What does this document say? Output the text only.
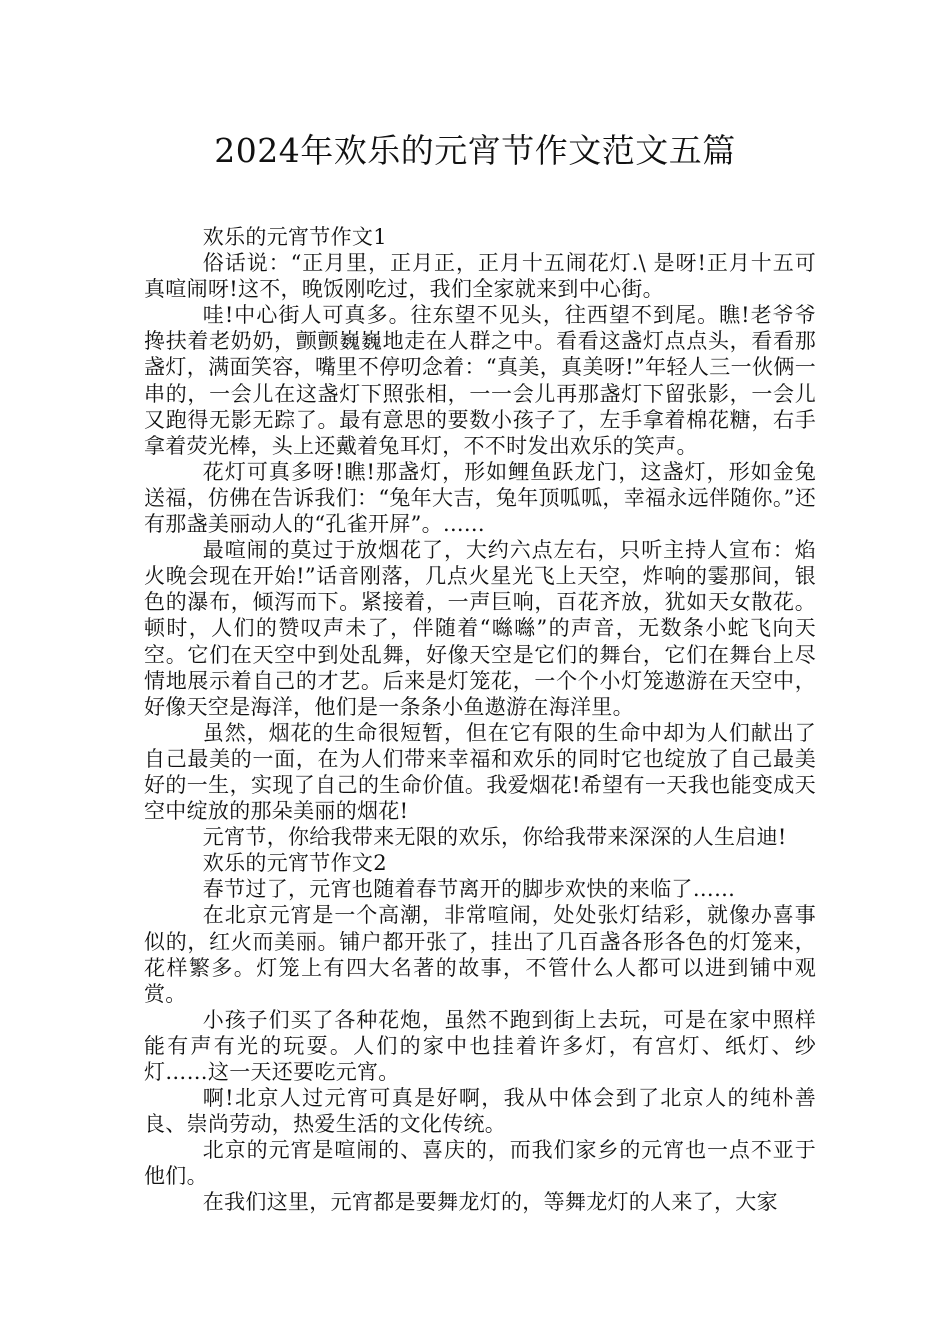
2024年欢乐的元宵节作文范文五篇

欢乐的元宵节作文1

俗话说：“正月里，正月正，正月十五闹花灯.\ 是呀!正月十五可真喧闹呀!这不，晚饭刚吃过，我们全家就来到中心街。

哇!中心街人可真多。往东望不见头，往西望不到尾。瞧!老爷爷搀扶着老奶奶，颤颤巍巍地走在人群之中。看看这盏灯点点头，看看那盏灯，满面笑容，嘴里不停叨念着：“真美，真美呀!”年轻人三一伙俩一串的，一会儿在这盏灯下照张相，一一会儿再那盏灯下留张影，一会儿又跑得无影无踪了。最有意思的要数小孩子了，左手拿着棉花糖，右手拿着荧光棒，头上还戴着兔耳灯，不不时发出欢乐的笑声。

花灯可真多呀!瞧!那盏灯，形如鲤鱼跃龙门，这盏灯，形如金兔送福，仿佛在告诉我们：“兔年大吉，兔年顶呱呱，幸福永远伴随你。”还有那盏美丽动人的“孔雀开屏”。......

最喧闹的莫过于放烟花了，大约六点左右，只听主持人宣布：焰火晚会现在开始!”话音刚落，几点火星光飞上天空，炸响的霎那间，银色的瀑布，倾泻而下。紧接着，一声巨响，百花齐放，犹如天女散花。顿时，人们的赞叹声未了，伴随着“噝噝”的声音，无数条小蛇飞向天空。它们在天空中到处乱舞，好像天空是它们的舞台，它们在舞台上尽情地展示着自己的才艺。后来是灯笼花，一个个小灯笼遨游在天空中，好像天空是海洋，他们是一条条小鱼遨游在海洋里。

虽然，烟花的生命很短暂，但在它有限的生命中却为人们献出了自己最美的一面，在为人们带来幸福和欢乐的同时它也绽放了自己最美好的一生，实现了自己的生命价值。我爱烟花!希望有一天我也能变成天空中绽放的那朵美丽的烟花!

元宵节，你给我带来无限的欢乐，你给我带来深深的人生启迪!

欢乐的元宵节作文2

春节过了，元宵也随着春节离开的脚步欢快的来临了……

在北京元宵是一个高潮，非常喧闹，处处张灯结彩，就像办喜事似的，红火而美丽。铺户都开张了，挂出了几百盏各形各色的灯笼来，花样繁多。灯笼上有四大名著的故事，不管什么人都可以进到铺中观赏。

小孩子们买了各种花炮，虽然不跑到街上去玩，可是在家中照样能有声有光的玩耍。人们的家中也挂着许多灯，有宫灯、纸灯、纱灯……这一天还要吃元宵。

啊!北京人过元宵可真是好啊，我从中体会到了北京人的纯朴善良、崇尚劳动，热爱生活的文化传统。

北京的元宵是喧闹的、喜庆的，而我们家乡的元宵也一点不亚于他们。

在我们这里，元宵都是要舞龙灯的，等舞龙灯的人来了，大家
